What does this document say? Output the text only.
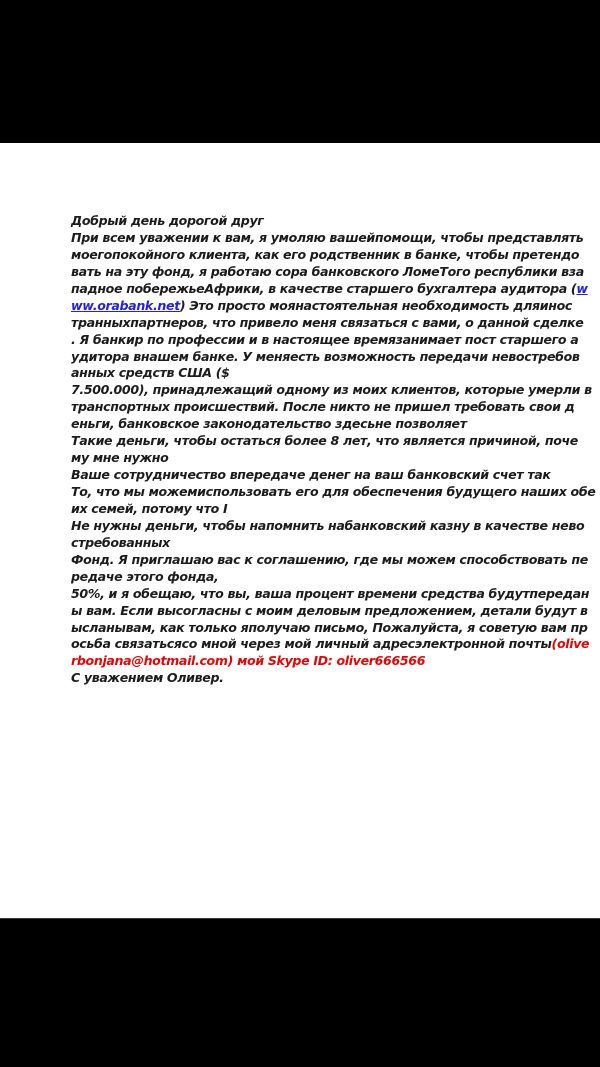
Добрый день дорогой друг
При всем уважении к вам, я умоляю вашейпомощи, чтобы представлять
моегопокойного клиента, как его родственник в банке, чтобы претендо
вать на эту фонд, я работаю сора банковского ЛомеТого республики вза
падное побережьеАфрики, в качестве старшего бухгалтера аудитора (w
ww.orabank.net) Это просто моянастоятельная необходимость дляинос
транныхпартнеров, что привело меня связаться с вами, о данной сделке
. Я банкир по профессии и в настоящее времязанимает пост старшего а
удитора внашем банке. У меняесть возможность передачи невостребов
анных средств США ($
7.500.000), принадлежащий одному из моих клиентов, которые умерли в
транспортных происшествий. После никто не пришел требовать свои д
еньги, банковское законодательство здесьне позволяет
Такие деньги, чтобы остаться более 8 лет, что является причиной, поче
му мне нужно
Ваше сотрудничество впередаче денег на ваш банковский счет так
То, что мы можемиспользовать его для обеспечения будущего наших обе
их семей, потому что I
Не нужны деньги, чтобы напомнить набанковский казну в качестве нево
стребованных
Фонд. Я приглашаю вас к соглашению, где мы можем способствовать пе
редаче этого фонда,
50%, и я обещаю, что вы, ваша процент времени средства будутпередан
ы вам. Если высогласны с моим деловым предложением, детали будут в
ысланывам, как только яполучаю письмо, Пожалуйста, я советую вам пр
осьба связатьсясо мной через мой личный адресэлектронной почты(olive
rbonjana@hotmail.com) мой Skype ID: oliver666566
С уважением Оливер.
